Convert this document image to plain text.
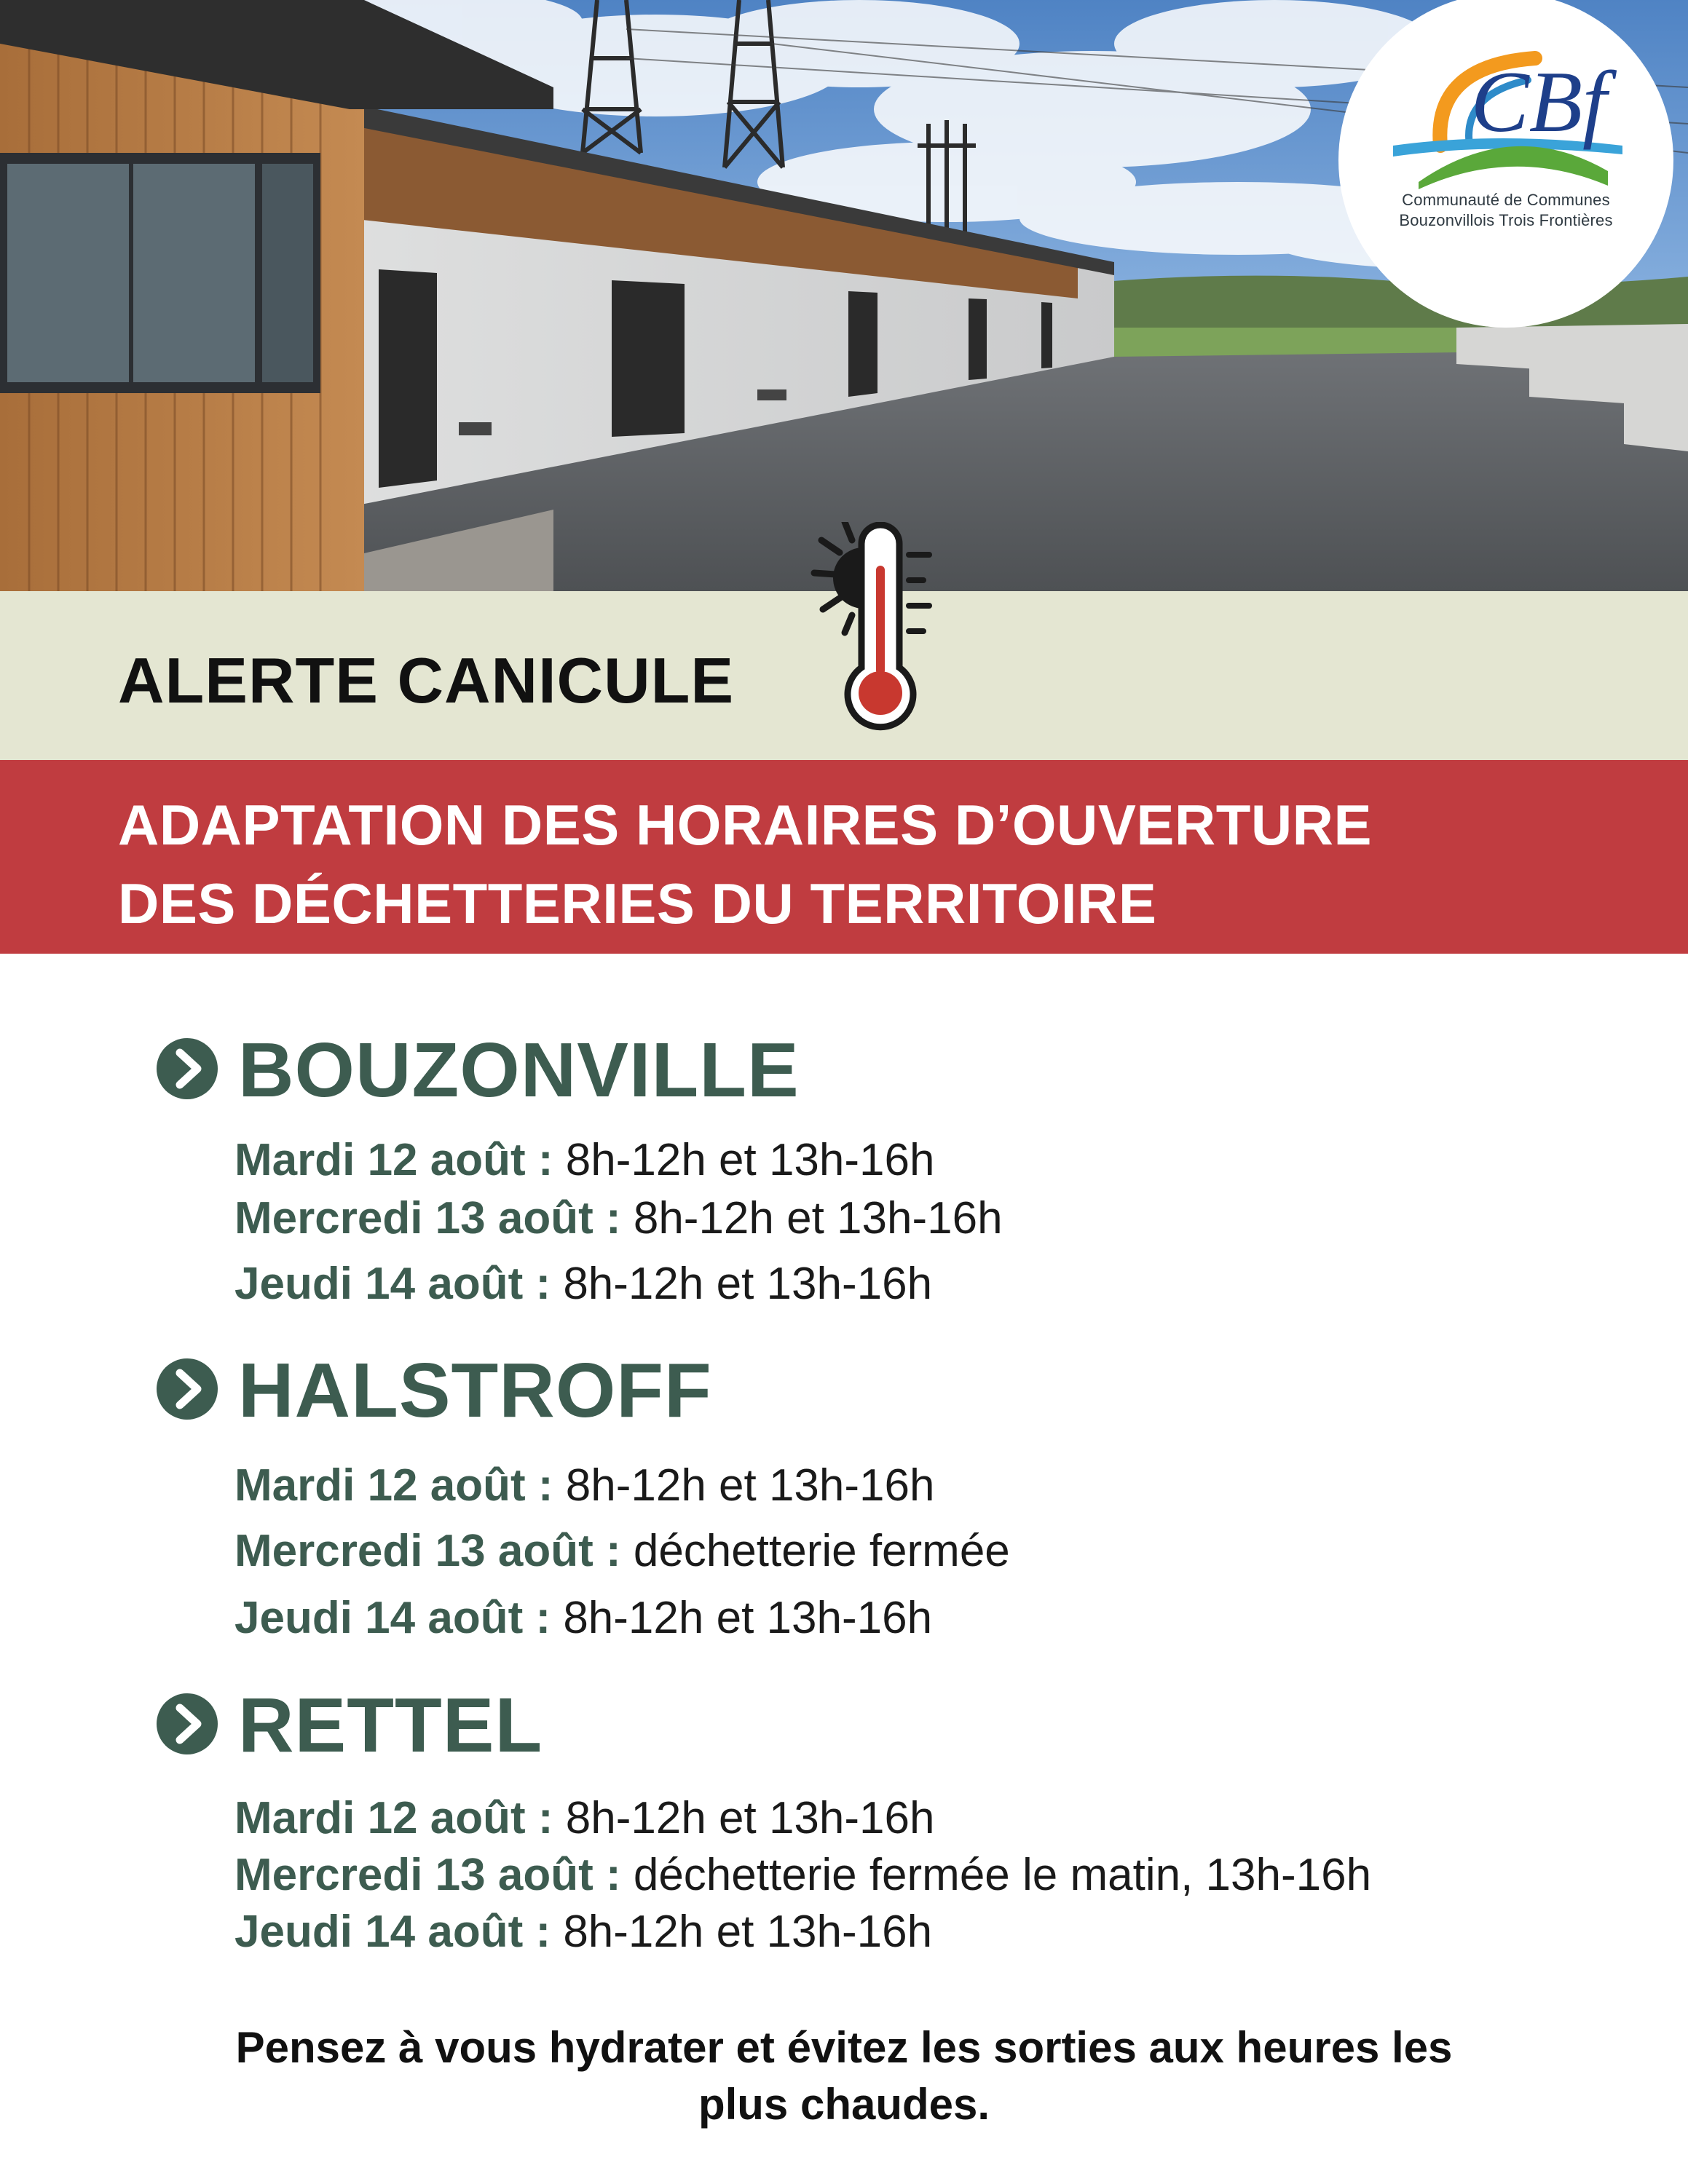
CBf
Communauté de Communes
Bouzonvillois Trois Frontières
ALERTE CANICULE
ADAPTATION DES HORAIRES D’OUVERTURE
DES DÉCHETTERIES DU TERRITOIRE
BOUZONVILLE
Mardi 12 août : 8h-12h et 13h-16h
Mercredi 13 août : 8h-12h et 13h-16h
Jeudi 14 août : 8h-12h et 13h-16h
HALSTROFF
Mardi 12 août : 8h-12h et 13h-16h
Mercredi 13 août : déchetterie fermée
Jeudi 14 août : 8h-12h et 13h-16h
RETTEL
Mardi 12 août : 8h-12h et 13h-16h
Mercredi 13 août : déchetterie fermée le matin, 13h-16h
Jeudi 14 août : 8h-12h et 13h-16h
Pensez à vous hydrater et évitez les sorties aux heures les
plus chaudes.
